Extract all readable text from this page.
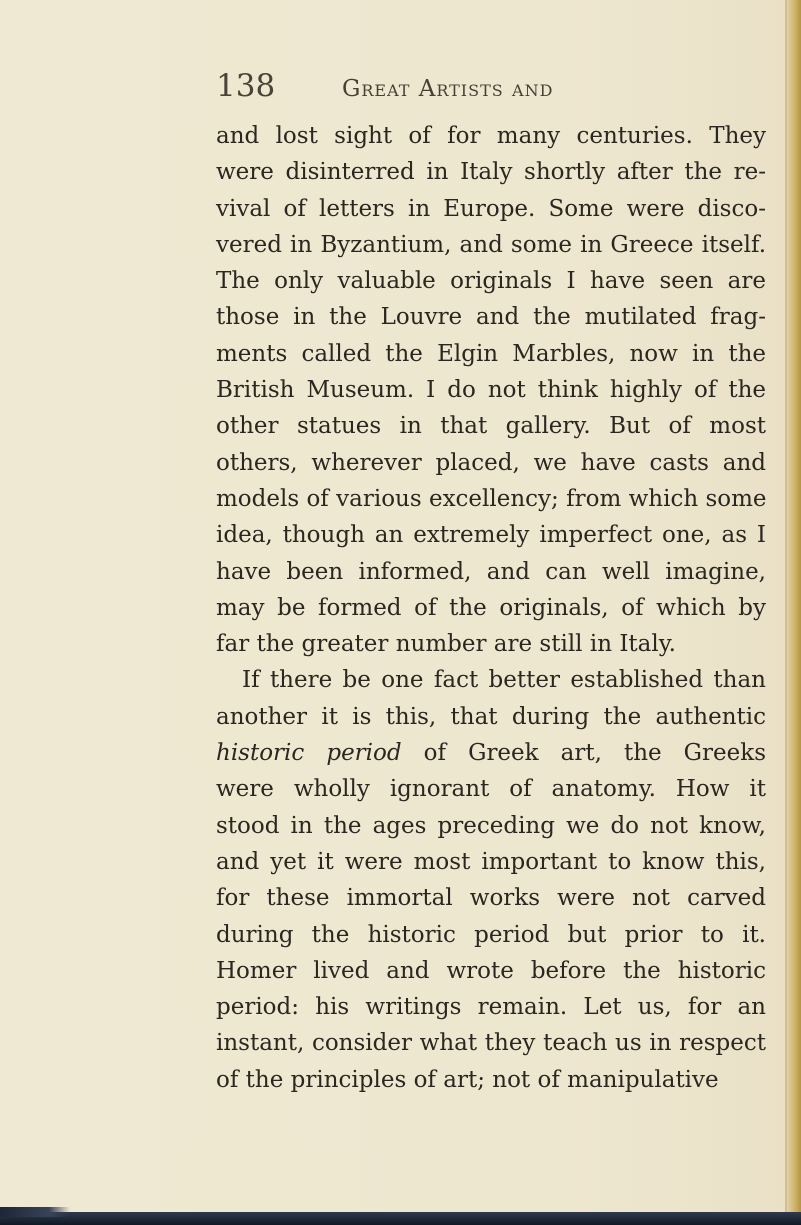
138	Great Artists and
and lost sight of for many centuries. They
were disinterred in Italy shortly after the re-
vival of letters in Europe. Some were disco-
vered in Byzantium, and some in Greece itself.
The only valuable originals I have seen are
those in the Louvre and the mutilated frag-
ments called the Elgin Marbles, now in the
British Museum. I do not think highly of the
other statues in that gallery. But of most
others, wherever placed, we have casts and
models of various excellency; from which some
idea, though an extremely imperfect one, as I
have been informed, and can well imagine,
may be formed of the originals, of which by
far the greater number are still in Italy.
If there be one fact better established than
another it is this, that during the authentic
historic period of Greek art, the Greeks
were wholly ignorant of anatomy. How it
stood in the ages preceding we do not know,
and yet it were most important to know this,
for these immortal works were not carved
during the historic period but prior to it.
Homer lived and wrote before the historic
period: his writings remain. Let us, for an
instant, consider what they teach us in respect
of the principles of art; not of manipulative
